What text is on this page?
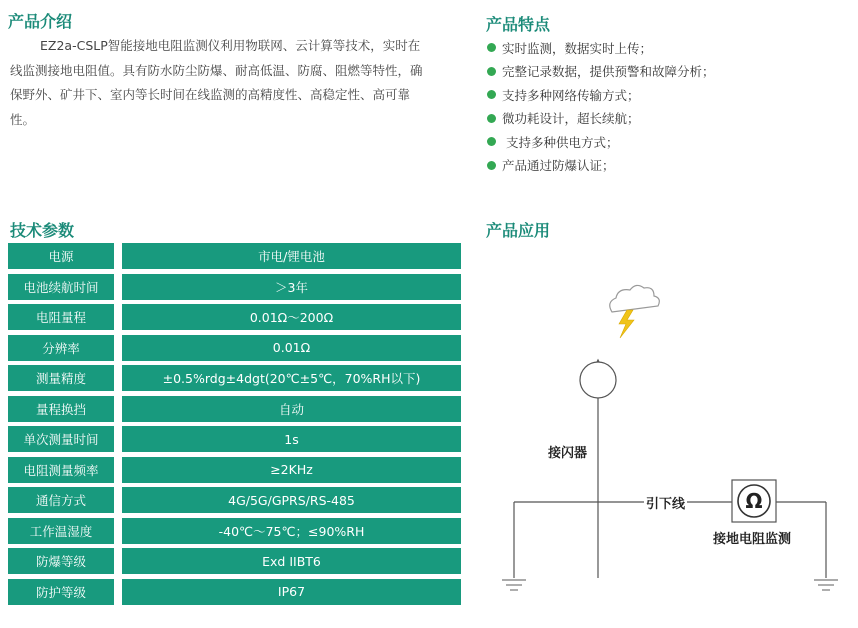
产品介绍

EZ2a-CSLP智能接地电阻监测仪利用物联网、云计算等技术，实时在线监测接地电阻值。具有防水防尘防爆、耐高低温、防腐、阻燃等特性，确保野外、矿井下、室内等长时间在线监测的高精度性、高稳定性、高可靠性。

产品特点
实时监测，数据实时上传；
完整记录数据，提供预警和故障分析；
支持多种网络传输方式；
微功耗设计，超长续航；
支持多种供电方式；
产品通过防爆认证；
技术参数
电源	市电/锂电池
电池续航时间	＞3年
电阻量程	0.01Ω～200Ω
分辨率	0.01Ω
测量精度	±0.5%rdg±4dgt(20℃±5℃，70%RH以下)
量程换挡	自动
单次测量时间	1s
电阻测量频率	≥2KHz
通信方式	4G/5G/GPRS/RS-485
工作温湿度	-40℃～75℃；≤90%RH
防爆等级	Exd IIBT6
防护等级	IP67
产品应用
Ω
接闪器
引下线
接地电阻监测
